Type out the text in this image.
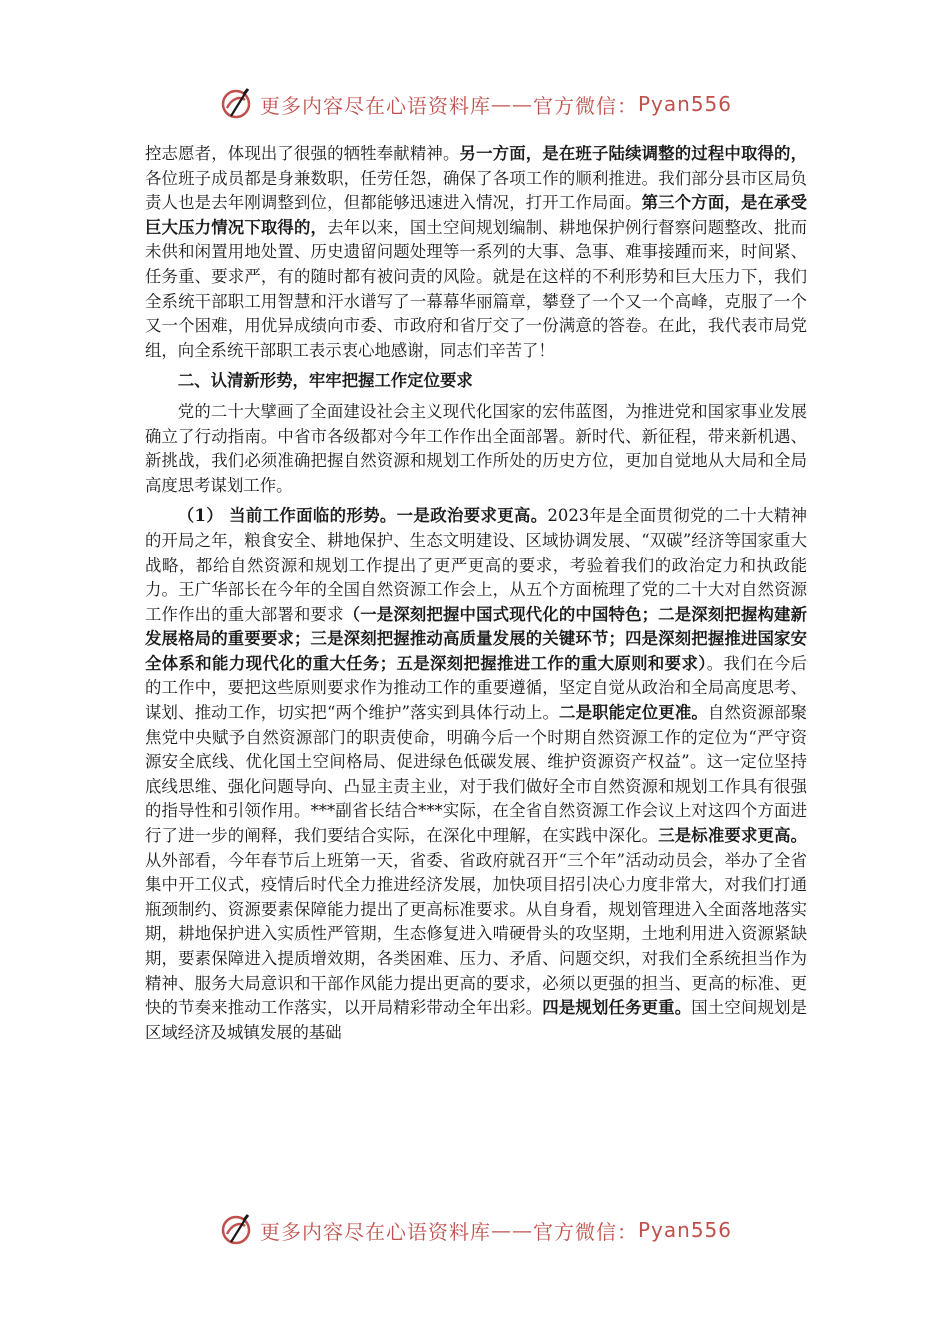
更多内容尽在心语资料库 —— 官方微信： Pyan556

控志愿者，体现出了很强的牺牲奉献精神。另一方面，是在班子陆续调整的过程中取得的，各位班子成员都是身兼数职，任劳任怨，确保了各项工作的顺利推进。我们部分县市区局负责人也是去年刚调整到位，但都能够迅速进入情况，打开工作局面。第三个方面，是在承受巨大压力情况下取得的，去年以来，国土空间规划编制、耕地保护例行督察问题整改、批而未供和闲置用地处置、历史遗留问题处理等一系列的大事、急事、难事接踵而来，时间紧、任务重、要求严，有的随时都有被问责的风险。就是在这样的不利形势和巨大压力下，我们全系统干部职工用智慧和汗水谱写了一幕幕华丽篇章，攀登了一个又一个高峰，克服了一个又一个困难，用优异成绩向市委、市政府和省厅交了一份满意的答卷。在此，我代表市局党组，向全系统干部职工表示衷心地感谢，同志们辛苦了！

二、认清新形势，牢牢把握工作定位要求

党的二十大擘画了全面建设社会主义现代化国家的宏伟蓝图，为推进党和国家事业发展确立了行动指南。中省市各级都对今年工作作出全面部署。新时代、新征程，带来新机遇、新挑战，我们必须准确把握自然资源和规划工作所处的历史方位，更加自觉地从大局和全局高度思考谋划工作。

（1） 当前工作面临的形势。一是政治要求更高。2023年是全面贯彻党的二十大精神的开局之年，粮食安全、耕地保护、生态文明建设、区域协调发展、“双碳”经济等国家重大战略，都给自然资源和规划工作提出了更严更高的要求，考验着我们的政治定力和执政能力。王广华部长在今年的全国自然资源工作会上，从五个方面梳理了党的二十大对自然资源工作作出的重大部署和要求（一是深刻把握中国式现代化的中国特色；二是深刻把握构建新发展格局的重要要求；三是深刻把握推动高质量发展的关键环节；四是深刻把握推进国家安全体系和能力现代化的重大任务；五是深刻把握推进工作的重大原则和要求）。我们在今后的工作中，要把这些原则要求作为推动工作的重要遵循，坚定自觉从政治和全局高度思考、谋划、推动工作，切实把“两个维护”落实到具体行动上。二是职能定位更准。自然资源部聚焦党中央赋予自然资源部门的职责使命，明确今后一个时期自然资源工作的定位为“严守资源安全底线、优化国土空间格局、促进绿色低碳发展、维护资源资产权益”。这一定位坚持底线思维、强化问题导向、凸显主责主业，对于我们做好全市自然资源和规划工作具有很强的指导性和引领作用。***副省长结合***实际，在全省自然资源工作会议上对这四个方面进行了进一步的阐释，我们要结合实际，在深化中理解，在实践中深化。三是标准要求更高。从外部看，今年春节后上班第一天，省委、省政府就召开“三个年”活动动员会，举办了全省集中开工仪式，疫情后时代全力推进经济发展，加快项目招引决心力度非常大，对我们打通瓶颈制约、资源要素保障能力提出了更高标准要求。从自身看，规划管理进入全面落地落实期，耕地保护进入实质性严管期，生态修复进入啃硬骨头的攻坚期，土地利用进入资源紧缺期，要素保障进入提质增效期，各类困难、压力、矛盾、问题交织，对我们全系统担当作为精神、服务大局意识和干部作风能力提出更高的要求，必须以更强的担当、更高的标准、更快的节奏来推动工作落实，以开局精彩带动全年出彩。四是规划任务更重。国土空间规划是区域经济及城镇发展的基础

更多内容尽在心语资料库 —— 官方微信： Pyan556
